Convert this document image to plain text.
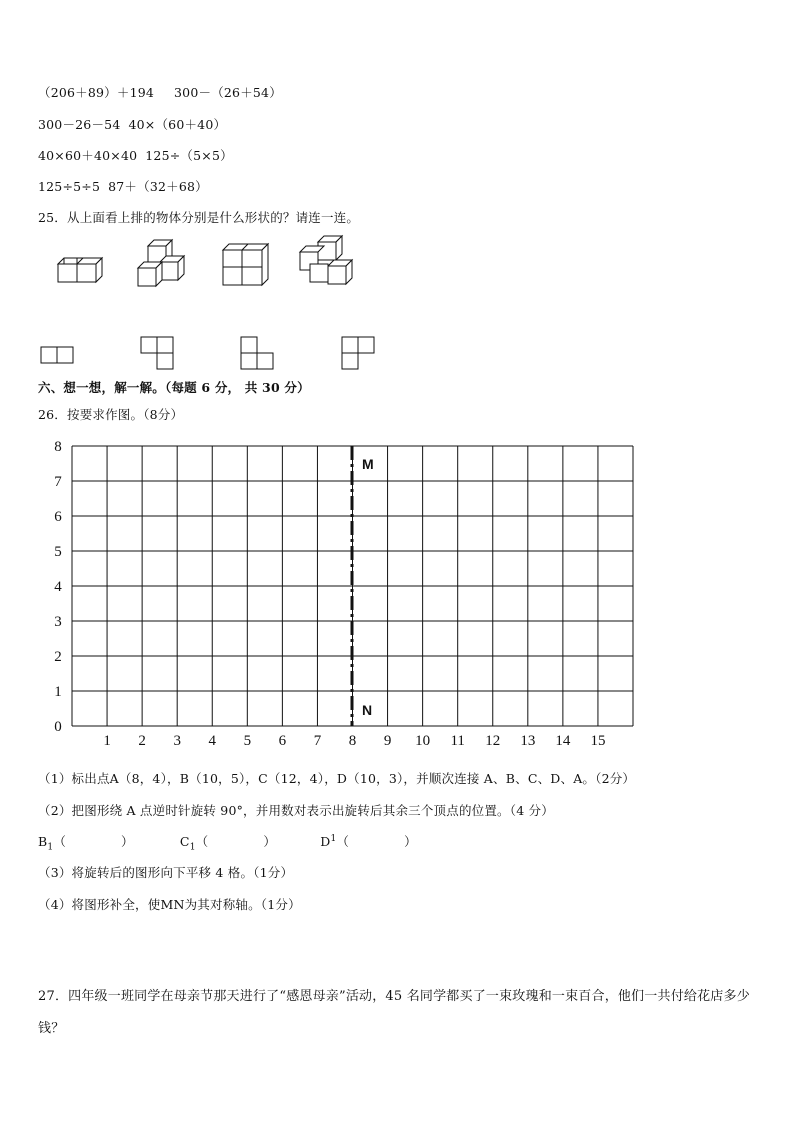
（206＋89）＋194 300－（26＋54）
300－26－54 40×（60＋40）
40×60＋40×40 125÷（5×5）
125÷5÷5 87＋（32＋68）
25．从上面看上排的物体分别是什么形状的？请连一连。
六、想一想，解一解。（每题 6 分， 共 30 分）
26．按要求作图。（8分）
1 2 3 4 5 6 7 8 9 10 11 12 13 14 15
0
1
2
3
4
5
6
7
8
M
N
（1）标出点A（8，4），B（10，5），C（12，4），D（10，3），并顺次连接 A、B、C、D、A。（2分）
（2）把图形绕 A 点逆时针旋转 90°，并用数对表示出旋转后其余三个顶点的位置。（4 分）
$B_1$（	）	$C_1$（	）	$D^1$（	）
（3）将旋转后的图形向下平移 4 格。（1分）
（4）将图形补全，使MN为其对称轴。（1分）
27．四年级一班同学在母亲节那天进行了“感恩母亲”活动，45 名同学都买了一束玫瑰和一束百合，他们一共付给花店多少钱？
